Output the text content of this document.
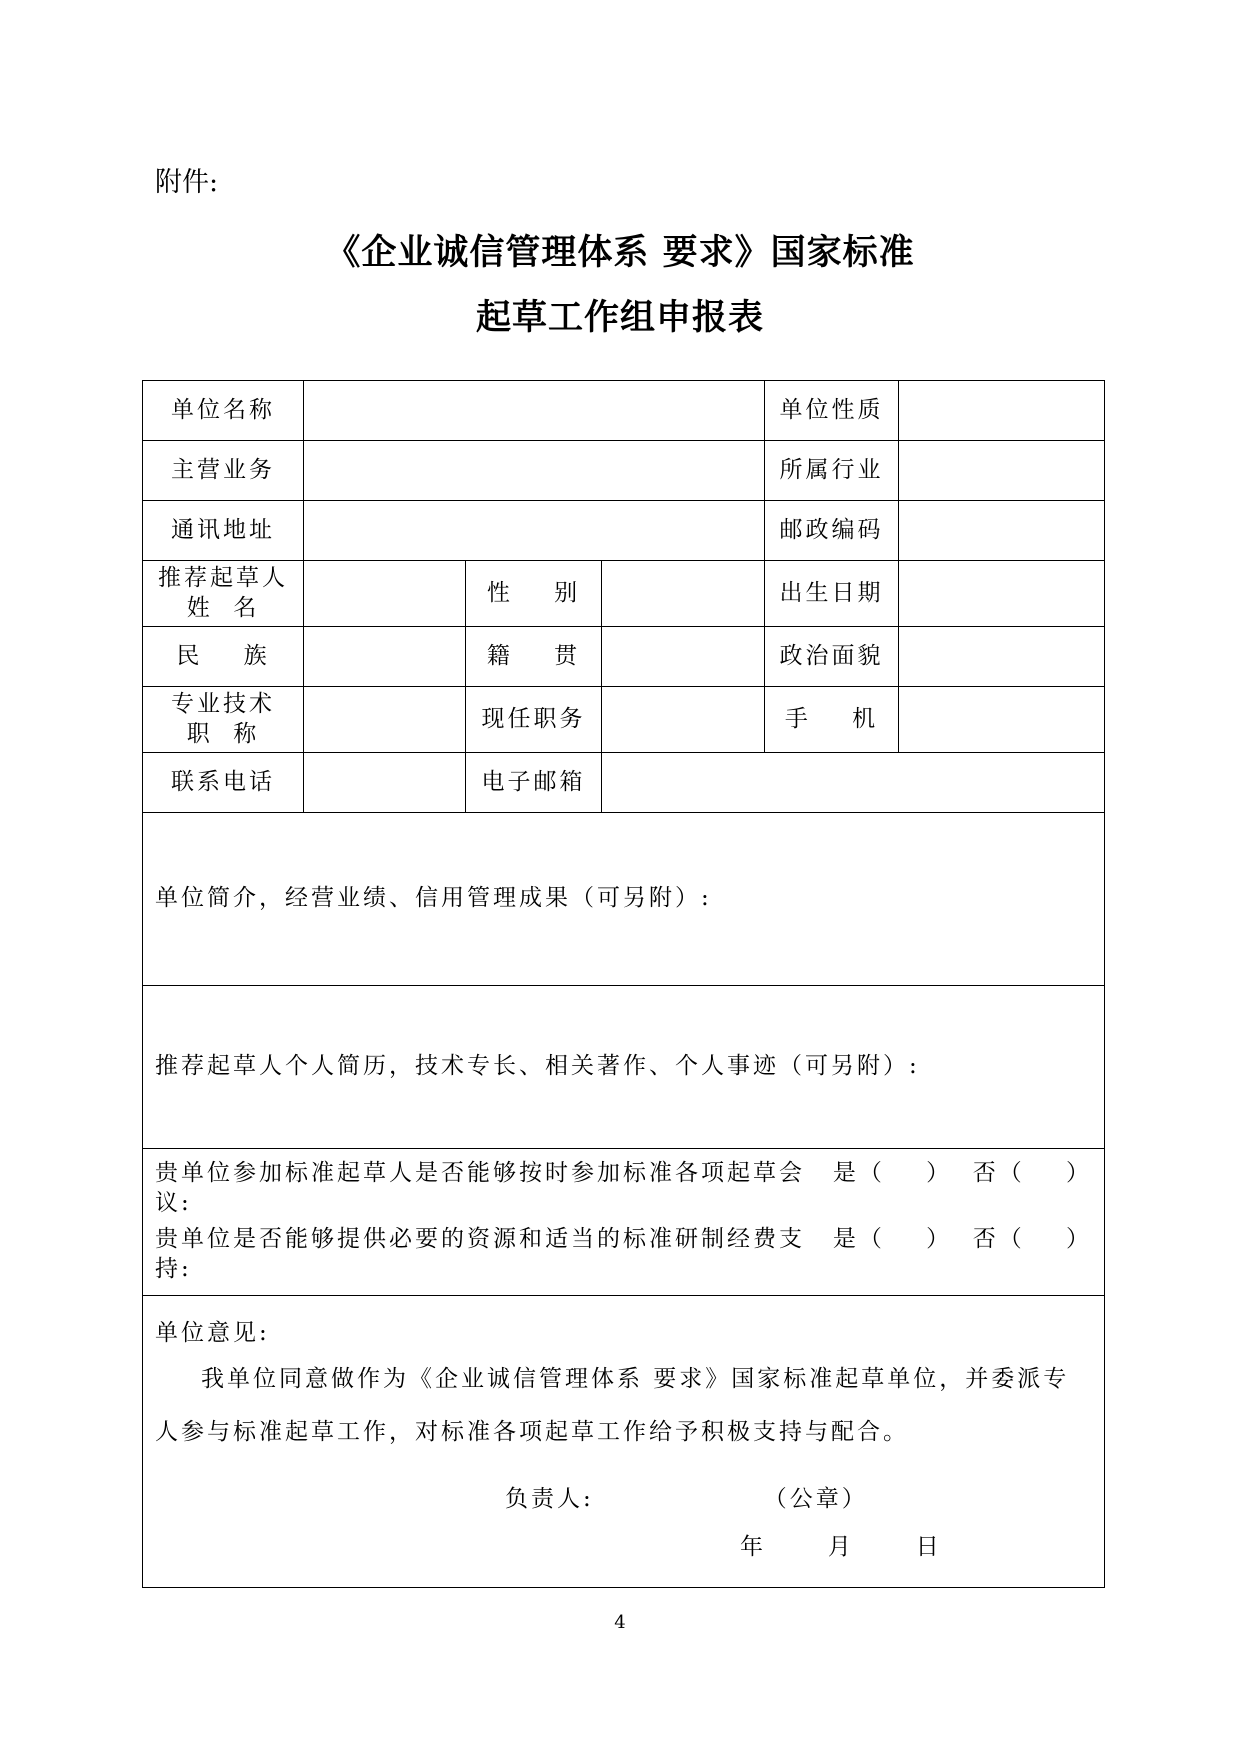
附件:
《企业诚信管理体系 要求》国家标准
起草工作组申报表
单位名称				单位性质	
主营业务				所属行业	
通讯地址				邮政编码	

推荐起草人
姓  名		性    别		出生日期	
民    族		籍    贯		政治面貌	

专业技术
职  称		现任职务		手    机	
联系电话		电子邮箱			

单位简介，经营业绩、信用管理成果（可另附）:					

推荐起草人个人简历，技术专长、相关著作、个人事迹（可另附）:					

贵单位参加标准起草人是否能够按时参加标准各项起草会议:
是（    ）  否（    ）
贵单位是否能够提供必要的资源和适当的标准研制经费支持:
是（    ）  否（    ）					

单位意见:
我单位同意做作为《企业诚信管理体系 要求》国家标准起草单位，并委派专人参与标准起草工作，对标准各项起草工作给予积极支持与配合。
负责人: （公章）
年      月      日					
4
